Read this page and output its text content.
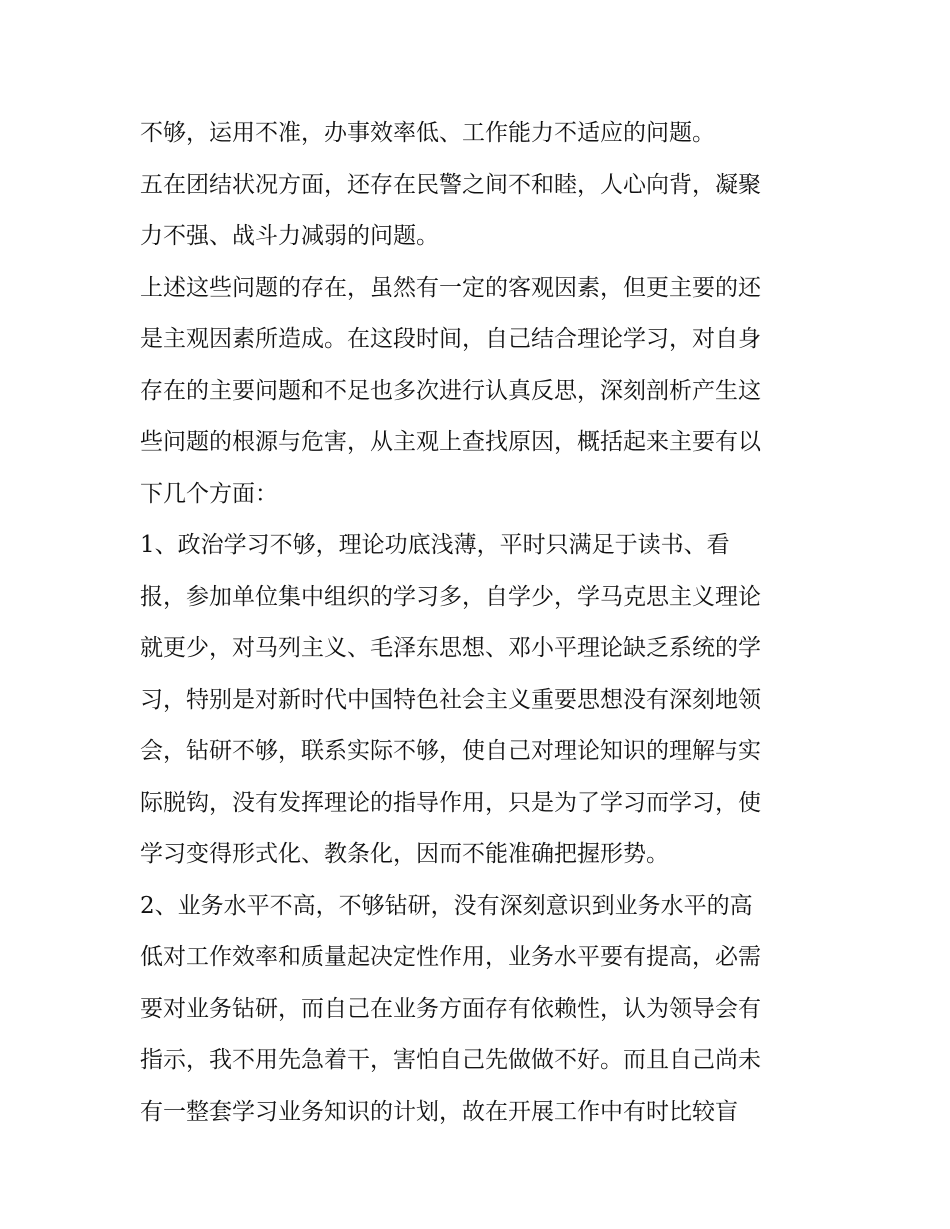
不够，运用不准，办事效率低、工作能力不适应的问题。
五在团结状况方面，还存在民警之间不和睦，人心向背，凝聚
力不强、战斗力减弱的问题。
上述这些问题的存在，虽然有一定的客观因素，但更主要的还
是主观因素所造成。在这段时间，自己结合理论学习，对自身
存在的主要问题和不足也多次进行认真反思，深刻剖析产生这
些问题的根源与危害，从主观上查找原因，概括起来主要有以
下几个方面：
1、政治学习不够，理论功底浅薄，平时只满足于读书、看
报，参加单位集中组织的学习多，自学少，学马克思主义理论
就更少，对马列主义、毛泽东思想、邓小平理论缺乏系统的学
习，特别是对新时代中国特色社会主义重要思想没有深刻地领
会，钻研不够，联系实际不够，使自己对理论知识的理解与实
际脱钩，没有发挥理论的指导作用，只是为了学习而学习，使
学习变得形式化、教条化，因而不能准确把握形势。
2、业务水平不高，不够钻研，没有深刻意识到业务水平的高
低对工作效率和质量起决定性作用，业务水平要有提高，必需
要对业务钻研，而自己在业务方面存有依赖性，认为领导会有
指示，我不用先急着干，害怕自己先做做不好。而且自己尚未
有一整套学习业务知识的计划，故在开展工作中有时比较盲
